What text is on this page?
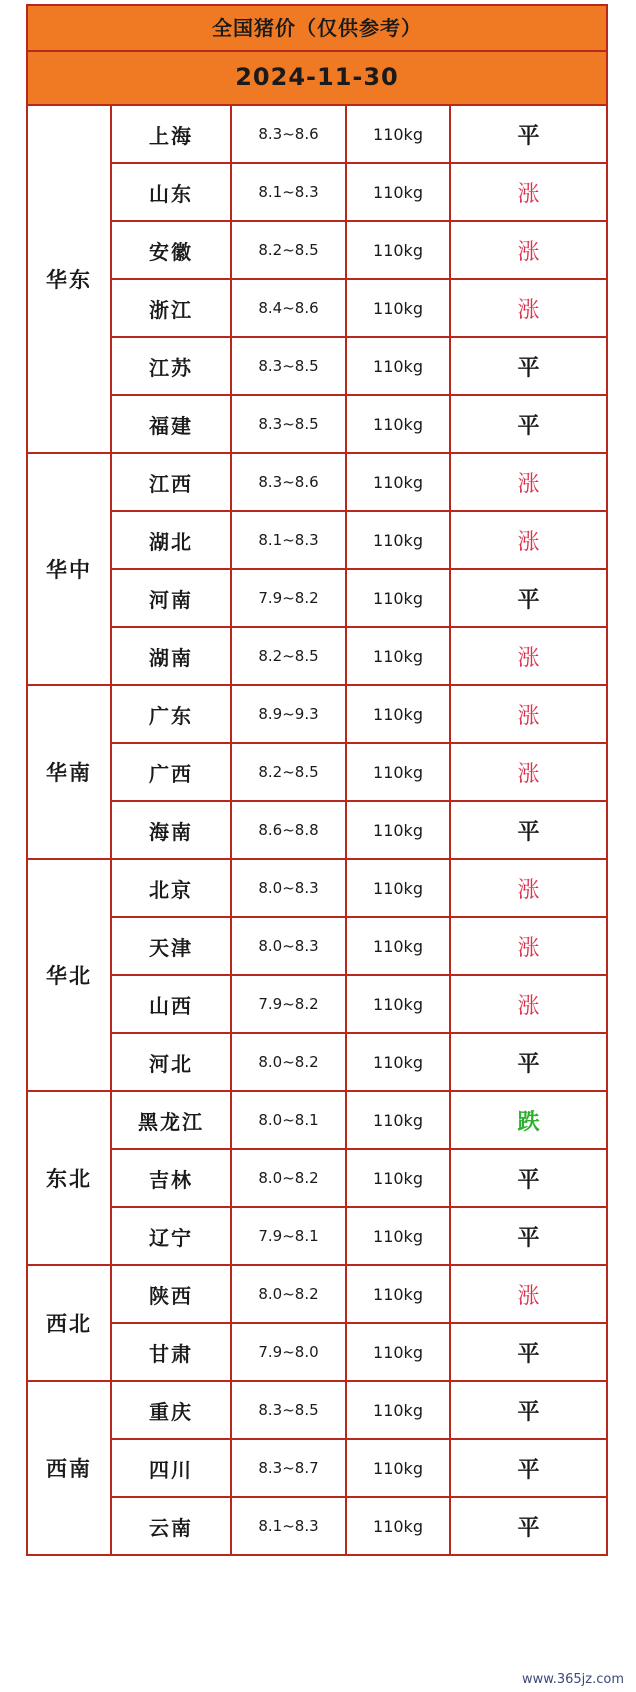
全国猪价（仅供参考）
2024-11-30
华东
上海	8.3~8.6	110kg	平
山东	8.1~8.3	110kg	涨
安徽	8.2~8.5	110kg	涨
浙江	8.4~8.6	110kg	涨
江苏	8.3~8.5	110kg	平
福建	8.3~8.5	110kg	平
华中
江西	8.3~8.6	110kg	涨
湖北	8.1~8.3	110kg	涨
河南	7.9~8.2	110kg	平
湖南	8.2~8.5	110kg	涨
华南
广东	8.9~9.3	110kg	涨
广西	8.2~8.5	110kg	涨
海南	8.6~8.8	110kg	平
华北
北京	8.0~8.3	110kg	涨
天津	8.0~8.3	110kg	涨
山西	7.9~8.2	110kg	涨
河北	8.0~8.2	110kg	平
东北
黑龙江	8.0~8.1	110kg	跌
吉林	8.0~8.2	110kg	平
辽宁	7.9~8.1	110kg	平
西北
陕西	8.0~8.2	110kg	涨
甘肃	7.9~8.0	110kg	平
西南
重庆	8.3~8.5	110kg	平
四川	8.3~8.7	110kg	平
云南	8.1~8.3	110kg	平
www.365jz.com
